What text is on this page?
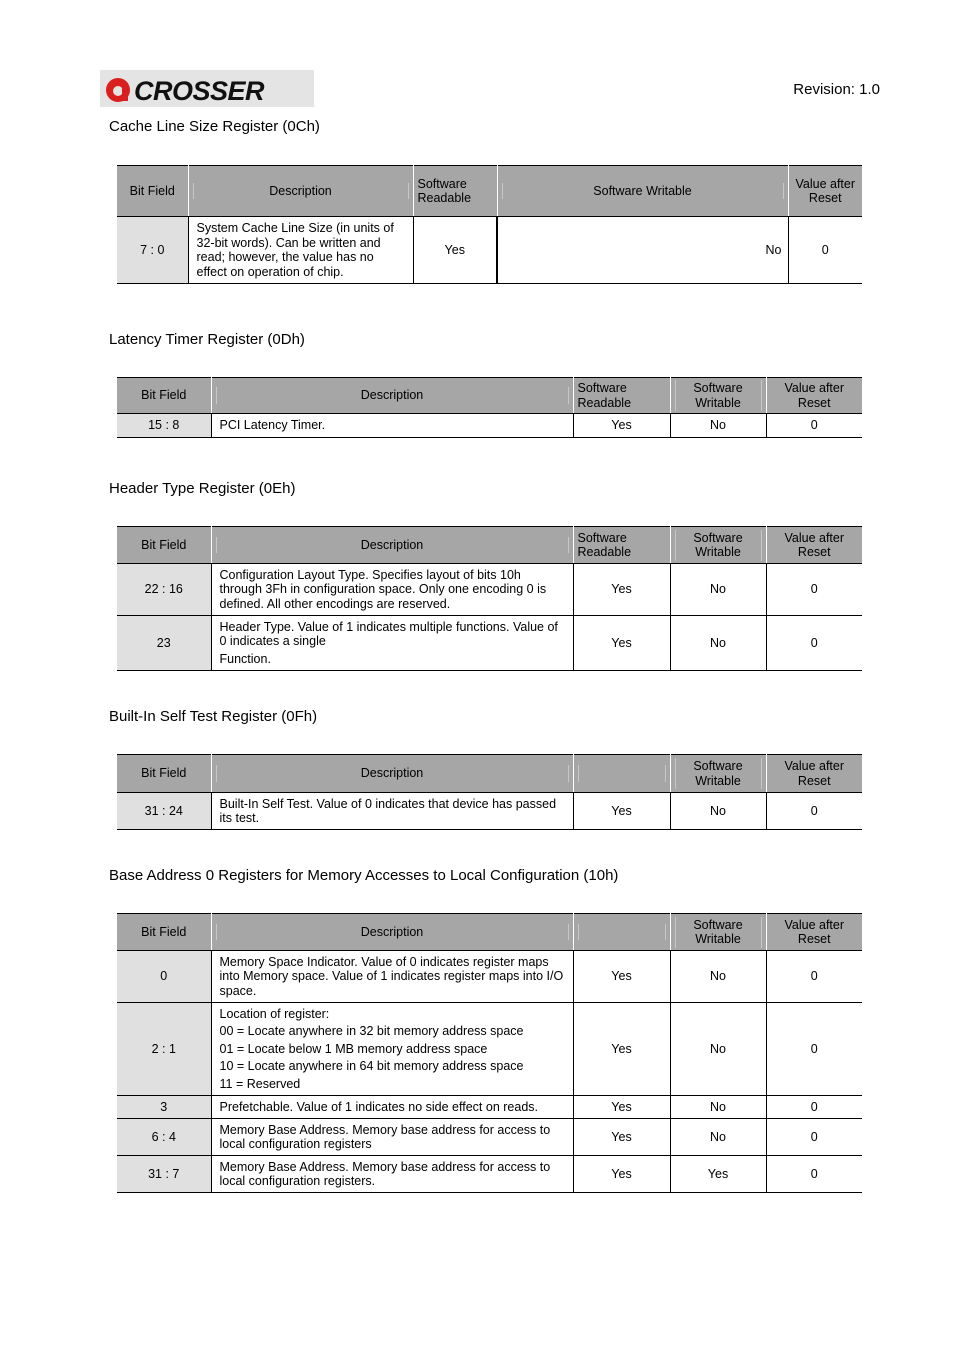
CROSSER	Revision: 1.0
Cache Line Size Register (0Ch)
Bit Field	Description	Software Readable	Software Writable	Value after Reset
7 : 0	System Cache Line Size (in units of 32-bit words). Can be written and read; however, the value has no effect on operation of chip.	Yes	No	0
Latency Timer Register (0Dh)
Bit Field	Description	Software Readable	Software Writable	Value after Reset
15 : 8	PCI Latency Timer.	Yes	No	0
Header Type Register (0Eh)
Bit Field	Description	Software Readable	Software Writable	Value after Reset
22 : 16	Configuration Layout Type. Specifies layout of bits 10h through 3Fh in configuration space. Only one encoding 0 is defined. All other encodings are reserved.	Yes	No	0
23	Header Type. Value of 1 indicates multiple functions. Value of 0 indicates a single
Function.	Yes	No	0
Built-In Self Test Register (0Fh)
Bit Field	Description		Software Writable	Value after Reset
31 : 24	Built-In Self Test. Value of 0 indicates that device has passed its test.	Yes	No	0
Base Address 0 Registers for Memory Accesses to Local Configuration (10h)
Bit Field	Description		Software Writable	Value after Reset
0	Memory Space Indicator. Value of 0 indicates register maps into Memory space. Value of 1 indicates register maps into I/O space.	Yes	No	0
2 : 1	Location of register:
00 = Locate anywhere in 32 bit memory address space
01 = Locate below 1 MB memory address space
10 = Locate anywhere in 64 bit memory address space
11 = Reserved	Yes	No	0
3	Prefetchable. Value of 1 indicates no side effect on reads.	Yes	No	0
6 : 4	Memory Base Address. Memory base address for access to local configuration registers	Yes	No	0
31 : 7	Memory Base Address. Memory base address for access to local configuration registers.	Yes	Yes	0
